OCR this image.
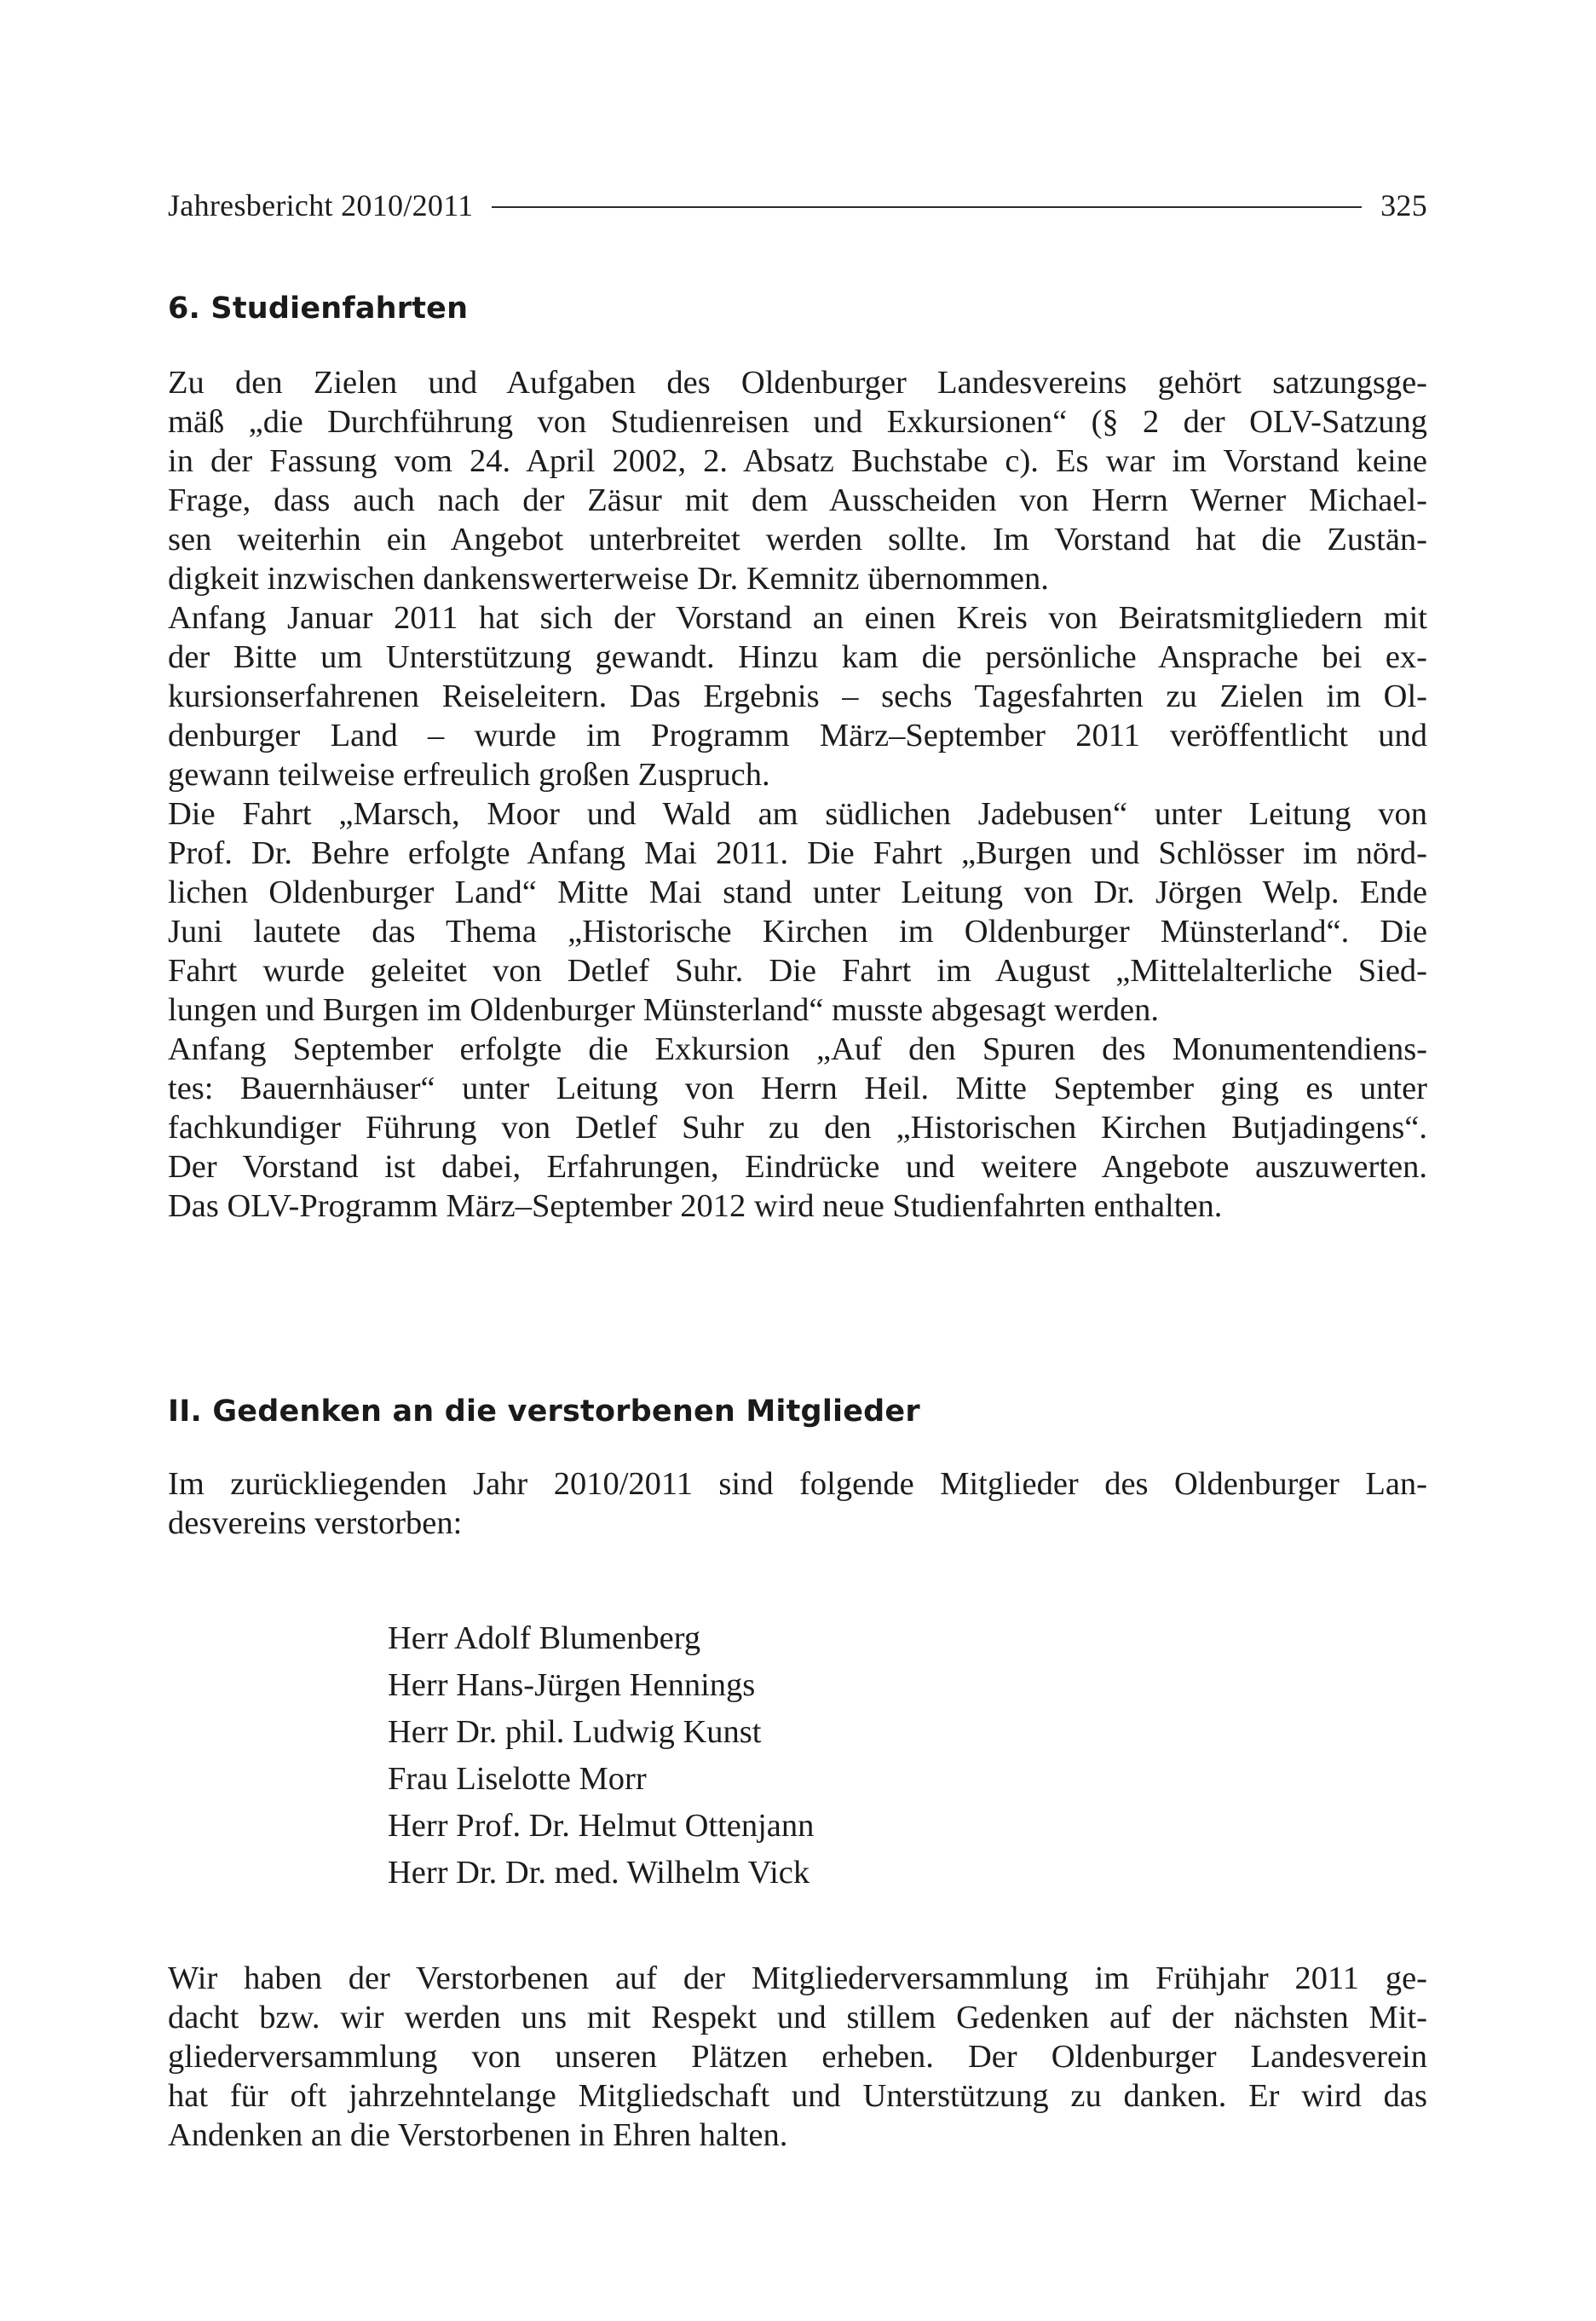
Jahresbericht 2010/2011	325
6. Studienfahrten
Zu den Zielen und Aufgaben des Oldenburger Landesvereins gehört satzungsge-
mäß „die Durchführung von Studienreisen und Exkursionen“ (§ 2 der OLV-Satzung
in der Fassung vom 24. April 2002, 2. Absatz Buchstabe c). Es war im Vorstand keine
Frage, dass auch nach der Zäsur mit dem Ausscheiden von Herrn Werner Michael-
sen weiterhin ein Angebot unterbreitet werden sollte. Im Vorstand hat die Zustän-
digkeit inzwischen dankenswerterweise Dr. Kemnitz übernommen.
Anfang Januar 2011 hat sich der Vorstand an einen Kreis von Beiratsmitgliedern mit
der Bitte um Unterstützung gewandt. Hinzu kam die persönliche Ansprache bei ex-
kursionserfahrenen Reiseleitern. Das Ergebnis – sechs Tagesfahrten zu Zielen im Ol-
denburger Land – wurde im Programm März–September 2011 veröffentlicht und
gewann teilweise erfreulich großen Zuspruch.
Die Fahrt „Marsch, Moor und Wald am südlichen Jadebusen“ unter Leitung von
Prof. Dr. Behre erfolgte Anfang Mai 2011. Die Fahrt „Burgen und Schlösser im nörd-
lichen Oldenburger Land“ Mitte Mai stand unter Leitung von Dr. Jörgen Welp. Ende
Juni lautete das Thema „Historische Kirchen im Oldenburger Münsterland“. Die
Fahrt wurde geleitet von Detlef Suhr. Die Fahrt im August „Mittelalterliche Sied-
lungen und Burgen im Oldenburger Münsterland“ musste abgesagt werden.
Anfang September erfolgte die Exkursion „Auf den Spuren des Monumentendiens-
tes: Bauernhäuser“ unter Leitung von Herrn Heil. Mitte September ging es unter
fachkundiger Führung von Detlef Suhr zu den „Historischen Kirchen Butjadingens“.
Der Vorstand ist dabei, Erfahrungen, Eindrücke und weitere Angebote auszuwerten.
Das OLV-Programm März–September 2012 wird neue Studienfahrten enthalten.
II. Gedenken an die verstorbenen Mitglieder
Im zurückliegenden Jahr 2010/2011 sind folgende Mitglieder des Oldenburger Lan-
desvereins verstorben:
Herr Adolf Blumenberg
Herr Hans-Jürgen Hennings
Herr Dr. phil. Ludwig Kunst
Frau Liselotte Morr
Herr Prof. Dr. Helmut Ottenjann
Herr Dr. Dr. med. Wilhelm Vick
Wir haben der Verstorbenen auf der Mitgliederversammlung im Frühjahr 2011 ge-
dacht bzw. wir werden uns mit Respekt und stillem Gedenken auf der nächsten Mit-
gliederversammlung von unseren Plätzen erheben. Der Oldenburger Landesverein
hat für oft jahrzehntelange Mitgliedschaft und Unterstützung zu danken. Er wird das
Andenken an die Verstorbenen in Ehren halten.
